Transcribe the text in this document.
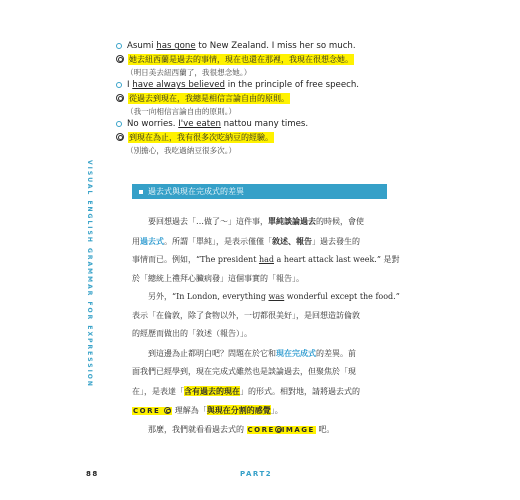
VISUAL ENGLISH GRAMMAR FOR EXPRESSION
Asumi has gone to New Zealand. I miss her so much.
她去紐西蘭是過去的事情，現在也還在那裡，我現在很想念她。
（明日美去紐西蘭了，我很想念她。）
I have always believed in the principle of free speech.
從過去到現在，我總是相信言論自由的原則。
（我一向相信言論自由的原則。）
No worries. I've eaten nattou many times.
到現在為止，我有很多次吃納豆的經驗。
（別擔心，我吃過納豆很多次。）
過去式與現在完成式的差異
要回想過去「…做了～」這件事，單純談論過去的時候，會使
用過去式。所謂「單純」，是表示僅僅「敘述、報告」過去發生的
事情而已。例如，“The president had a heart attack last week.” 是對
於「總統上禮拜心臟病發」這個事實的「報告」。
另外，“In London, everything was wonderful except the food.”
表示「在倫敦，除了食物以外，一切都很美好」，是回想造訪倫敦
的經歷而做出的「敘述（報告）」。
到這邊為止都明白吧？問題在於它和現在完成式的差異。前
面我們已經學到，現在完成式雖然也是談論過去，但聚焦於「現
在」，是表達「含有過去的現在」的形式。相對地，請將過去式的
CORE  理解為「與現在分割的感覺」。
那麼，我們就看看過去式的 CORE IMAGE 吧。
88	PART2
